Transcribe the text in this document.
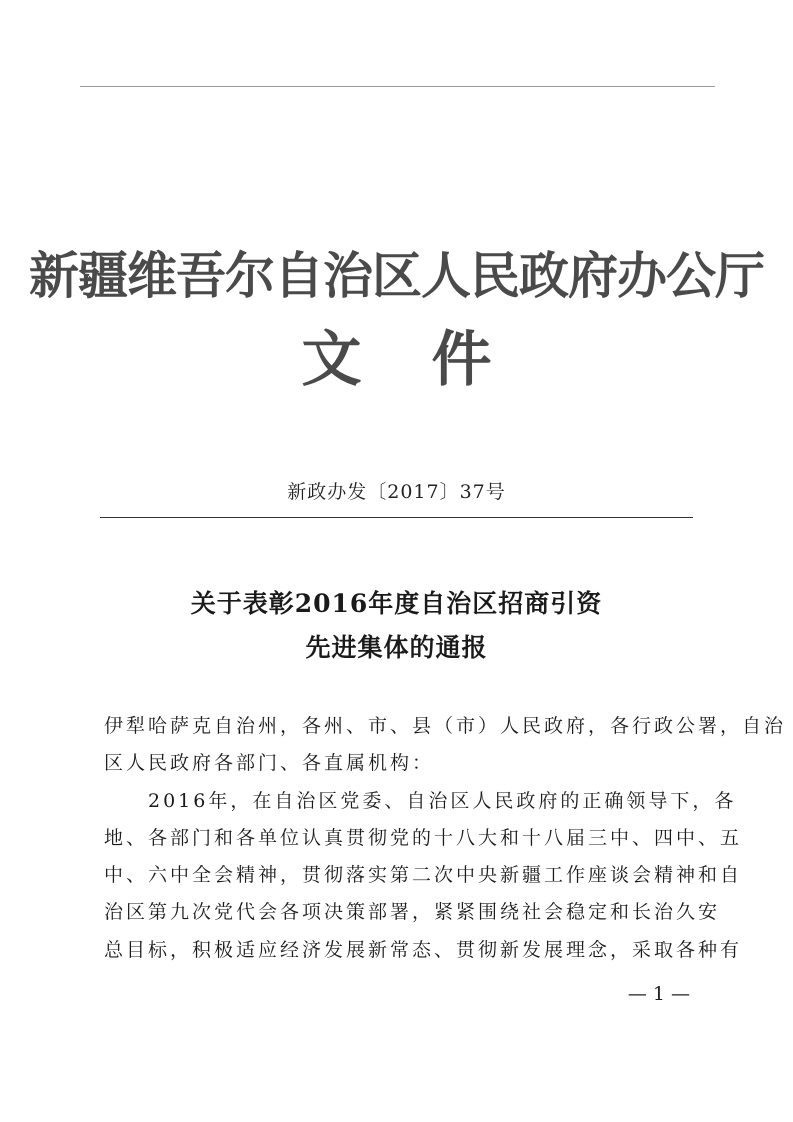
新疆维吾尔自治区人民政府办公厅
文件
新政办发〔2017〕37号
关于表彰2016年度自治区招商引资
先进集体的通报
伊犁哈萨克自治州，各州、市、县（市）人民政府，各行政公署，自治
区人民政府各部门、各直属机构：
　　2016年，在自治区党委、自治区人民政府的正确领导下，各
地、各部门和各单位认真贯彻党的十八大和十八届三中、四中、五
中、六中全会精神，贯彻落实第二次中央新疆工作座谈会精神和自
治区第九次党代会各项决策部署，紧紧围绕社会稳定和长治久安
总目标，积极适应经济发展新常态、贯彻新发展理念，采取各种有
— 1 —
